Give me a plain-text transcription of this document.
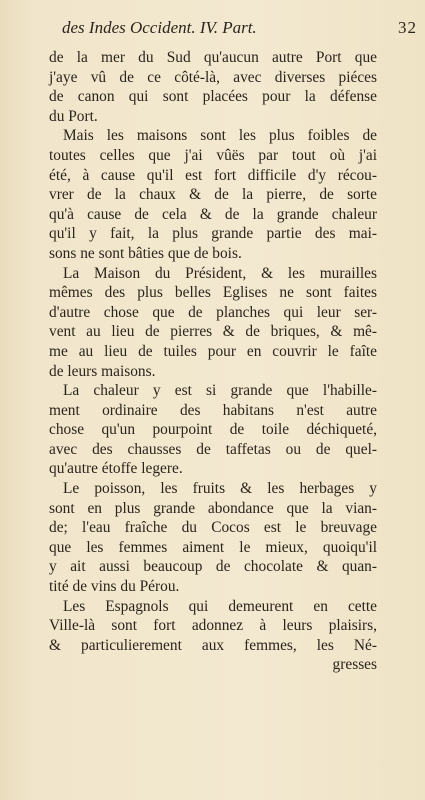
des Indes Occident. IV. Part.	32
de la mer du Sud qu'aucun autre Port que
j'aye vû de ce côté-là, avec diverses piéces
de canon qui sont placées pour la défense
du Port.
Mais les maisons sont les plus foibles de
toutes celles que j'ai vûës par tout où j'ai
été, à cause qu'il est fort difficile d'y récou-
vrer de la chaux & de la pierre, de sorte
qu'à cause de cela & de la grande chaleur
qu'il y fait, la plus grande partie des mai-
sons ne sont bâties que de bois.
La Maison du Président, & les murailles
mêmes des plus belles Eglises ne sont faites
d'autre chose que de planches qui leur ser-
vent au lieu de pierres & de briques, & mê-
me au lieu de tuiles pour en couvrir le faîte
de leurs maisons.
La chaleur y est si grande que l'habille-
ment ordinaire des habitans n'est autre
chose qu'un pourpoint de toile déchiqueté,
avec des chausses de taffetas ou de quel-
qu'autre étoffe legere.
Le poisson, les fruits & les herbages y
sont en plus grande abondance que la vian-
de; l'eau fraîche du Cocos est le breuvage
que les femmes aiment le mieux, quoiqu'il
y ait aussi beaucoup de chocolate & quan-
tité de vins du Pérou.
Les Espagnols qui demeurent en cette
Ville-là sont fort adonnez à leurs plaisirs,
& particulierement aux femmes, les Né-
gresses
